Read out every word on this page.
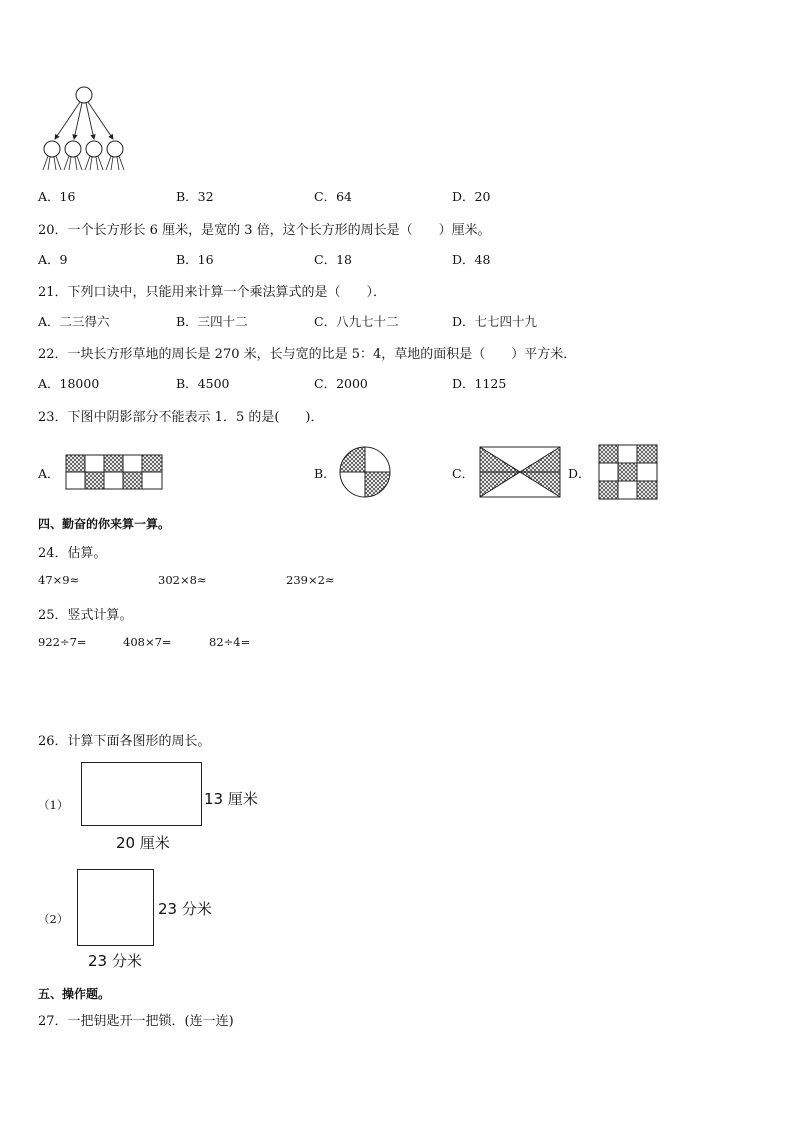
A．16	B．32	C．64	D．20
20．一个长方形长 6 厘米，是宽的 3 倍，这个长方形的周长是（　　）厘米。
A．9	B．16	C．18	D．48
21．下列口诀中，只能用来计算一个乘法算式的是（　　）．
A．二三得六	B．三四十二	C．八九七十二	D．七七四十九
22．一块长方形草地的周长是 270 米，长与宽的比是 5：4，草地的面积是（　　）平方米．
A．18000	B．4500	C．2000	D．1125
23．下图中阴影部分不能表示 1．5 的是(　　)．
A．	B．	C．	D．
四、勤奋的你来算一算。
24．估算。
47×9≈	302×8≈	239×2≈
25．竖式计算。
922÷7=	408×7=	82÷4=
26．计算下面各图形的周长。
（1）	13 厘米
20 厘米
（2）
23 分米
23 分米
五、操作题。
27．一把钥匙开一把锁．(连一连)
